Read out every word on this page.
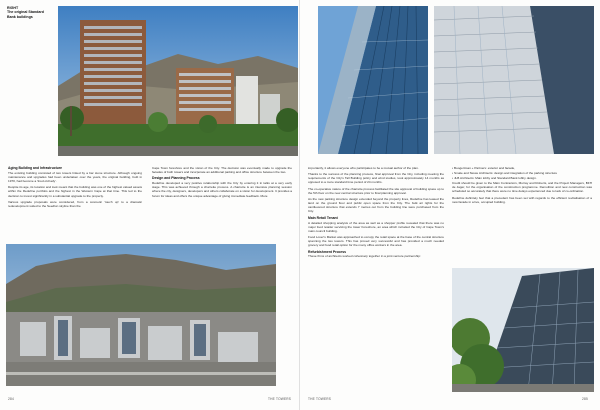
RIGHT
The original Standard
Bank buildings
Aging Building and Infrastructure

The existing building consisted of two towers linked by a bar stone structure. Although ongoing maintenance and upgrades had been undertaken over the years, the original building, built in 1970, had become a 'tired old lady'.

Despite its age, its location and look meant that the building was one of the highest valued assets within the Redefine portfolio and the highest in the Western Cape at that time. This led to the decision to invest significantly in a substantial upgrade to the property.

Various upgrade proposals were considered, from a cosmetic 'touch up' to a dramatic redevelopment suited to the Seedlon skyline than the

Cape Town foreshore and the vision of the City. The decision was eventually made to upgrade the facades of both towers and incorporate an additional parking and office structure between the two.

Design and Planning Process

Redefine developed a very positive relationship with the City by entering it in talks at a very early stage. This was achieved through a charrette process. A charrette is an intensive planning session where the city, designers, developers and others collaborate on a vision for development. It provides a forum for ideas and offers the unique advantage of giving immediate feedback. More

284	THE TOWERS

importantly, it allows everyone who participates to be a mutual author of the plan.

Thanks to the success of the planning process, final approval from the City, including meeting the requirements of the City's Tall Building policy and wind studies, took approximately 14 months as opposed to a more standard time period of 24 months.

The co-operative nature of the charrette process facilitated the site approval of building space up to the 5th floor on the new central structure prior to final planning approval.

As the new parking structure design extended beyond the property lines, Redefine has leased the land on the ground floor and public open space from the City. The bulk air rights for the cantilevered structure that extends 7 metres out from the building line were purchased from the City.

Main Retail Tenant

A detailed shopping analysis of the area as well as a shopper profile revealed that there was no major food retailer servicing the lower Foreshore, an area which included the City of Cape Town's main council building.

Food Lover's Market was approached to occupy the retail space at the base of the central structure spanning the two towers. This has proved very successful and has provided a much needed grocery and food retail option for the many office workers in the area.

Refurbishment Process

These firms of architects worked cohesively together in a joint venture partnership:

• Boogertman + Partners: exterior and facade,
• Smale and Stowe Architects: design and integration of the parking structure
• JLB Architects: Main lobby and Standard Bank lobby design.

Credit should be given to the Main Contractors, Murray and Roberts, and the Project Managers, BFH de Jager, for the organisation of the construction programme. Demolition and new construction was scheduled so accurately that there were no time delays experienced due to lack of co-ordination.

Redefine definitely feel that a precedent has been set with regards to the efficient revitalisation of a new facade in a live, occupied building.

THE TOWERS	285
